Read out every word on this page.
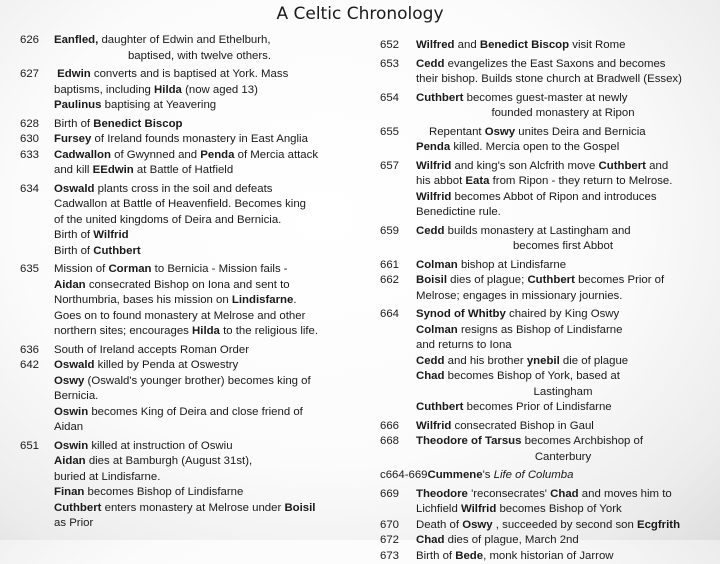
A Celtic Chronology
626	Eanfled, daughter of Edwin and Ethelburh,
baptised, with twelve others.
627	Edwin converts and is baptised at York. Mass
baptisms, including Hilda (now aged 13)
Paulinus baptising at Yeavering
628	Birth of Benedict Biscop
630	Fursey of Ireland founds monastery in East Anglia
633	Cadwallon of Gwynned and Penda of Mercia attack
and kill EEdwin at Battle of Hatfield
634	Oswald plants cross in the soil and defeats
Cadwallon at Battle of Heavenfield. Becomes king
of the united kingdoms of Deira and Bernicia.
Birth of Wilfrid
Birth of Cuthbert
635	Mission of Corman to Bernicia - Mission fails -
Aidan consecrated Bishop on Iona and sent to
Northumbria, bases his mission on Lindisfarne.
Goes on to found monastery at Melrose and other
northern sites; encourages Hilda to the religious life.
636	South of Ireland accepts Roman Order
642	Oswald killed by Penda at Oswestry
Oswy (Oswald's younger brother) becomes king of
Bernicia.
Oswin becomes King of Deira and close friend of
Aidan
651	Oswin killed at instruction of Oswiu
Aidan dies at Bamburgh (August 31st),
buried at Lindisfarne.
Finan becomes Bishop of Lindisfarne
Cuthbert enters monastery at Melrose under Boisil
as Prior
652	Wilfred and Benedict Biscop visit Rome
653	Cedd evangelizes the East Saxons and becomes
their bishop. Builds stone church at Bradwell (Essex)
654	Cuthbert becomes guest-master at newly
founded monastery at Ripon
655	Repentant Oswy unites Deira and Bernicia
Penda killed. Mercia open to the Gospel
657	Wilfrid and king's son Alcfrith move Cuthbert and
his abbot Eata from Ripon - they return to Melrose.
Wilfrid becomes Abbot of Ripon and introduces
Benedictine rule.
659	Cedd builds monastery at Lastingham and
becomes first Abbot
661	Colman bishop at Lindisfarne
662	Boisil dies of plague; Cuthbert becomes Prior of
Melrose; engages in missionary journies.
664	Synod of Whitby chaired by King Oswy
Colman resigns as Bishop of Lindisfarne
and returns to Iona
Cedd and his brother ynebil die of plague
Chad becomes Bishop of York, based at
Lastingham
Cuthbert becomes Prior of Lindisfarne
666	Wilfrid consecrated Bishop in Gaul
668	Theodore of Tarsus becomes Archbishop of
Canterbury
c664-669 Cummene's Life of Columba
669	Theodore 'reconsecrates' Chad and moves him to
Lichfield Wilfrid becomes Bishop of York
670	Death of Oswy , succeeded by second son Ecgfrith
672	Chad dies of plague, March 2nd
673	Birth of Bede, monk historian of Jarrow
